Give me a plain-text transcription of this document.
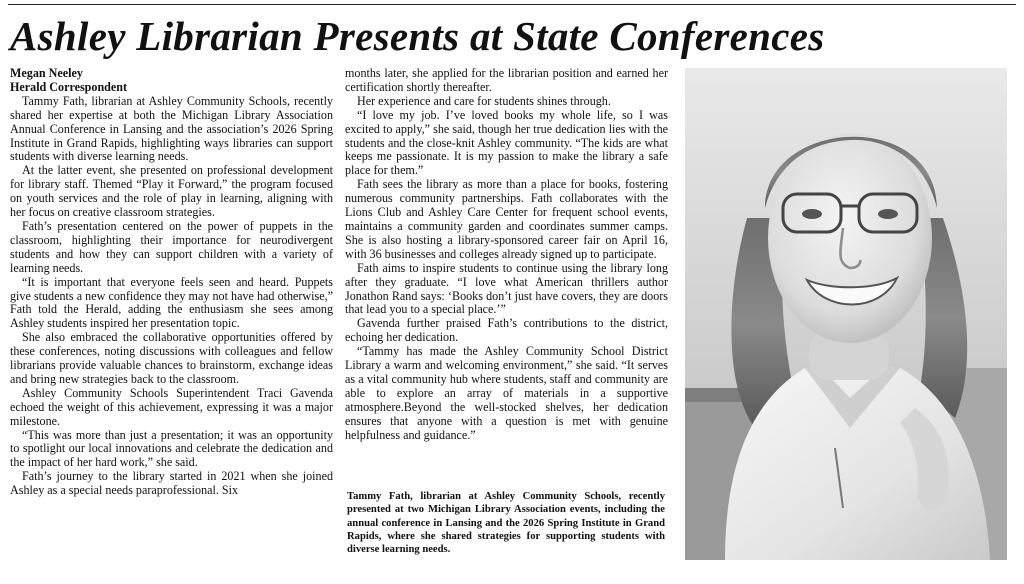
Ashley Librarian Presents at State Conferences
Megan Neeley
Herald Correspondent

Tammy Fath, librarian at Ashley Community Schools, recently shared her expertise at both the Michigan Library Association Annual Conference in Lansing and the association’s 2026 Spring Institute in Grand Rapids, highlighting ways libraries can support students with diverse learning needs.

At the latter event, she presented on professional development for library staff. Themed “Play it Forward,” the program focused on youth services and the role of play in learning, aligning with her focus on creative classroom strategies.

Fath’s presentation centered on the power of puppets in the classroom, highlighting their importance for neurodivergent students and how they can support children with a variety of learning needs.

“It is important that everyone feels seen and heard. Puppets give students a new confidence they may not have had otherwise,” Fath told the Herald, adding the enthusiasm she sees among Ashley students inspired her presentation topic.

She also embraced the collaborative opportunities offered by these conferences, noting discussions with colleagues and fellow librarians provide valuable chances to brainstorm, exchange ideas and bring new strategies back to the classroom.

Ashley Community Schools Superintendent Traci Gavenda echoed the weight of this achievement, expressing it was a major milestone.

“This was more than just a presentation; it was an opportunity to spotlight our local innovations and celebrate the dedication and the impact of her hard work,” she said.

Fath’s journey to the library started in 2021 when she joined Ashley as a special needs paraprofessional. Six

months later, she applied for the librarian position and earned her certification shortly thereafter.

Her experience and care for students shines through.

“I love my job. I’ve loved books my whole life, so I was excited to apply,” she said, though her true dedication lies with the students and the close-knit Ashley community. “The kids are what keeps me passionate. It is my passion to make the library a safe place for them.”

Fath sees the library as more than a place for books, fostering numerous community partnerships. Fath collaborates with the Lions Club and Ashley Care Center for frequent school events, maintains a community garden and coordinates summer camps. She is also hosting a library-sponsored career fair on April 16, with 36 businesses and colleges already signed up to participate.

Fath aims to inspire students to continue using the library long after they graduate. “I love what American thrillers author Jonathon Rand says: ‘Books don’t just have covers, they are doors that lead you to a special place.’”

Gavenda further praised Fath’s contributions to the district, echoing her dedication.

“Tammy has made the Ashley Community School District Library a warm and welcoming environment,” she said. “It serves as a vital community hub where students, staff and community are able to explore an array of materials in a supportive atmosphere.Beyond the well-stocked shelves, her dedication ensures that anyone with a question is met with genuine helpfulness and guidance.”

Tammy Fath, librarian at Ashley Community Schools, recently presented at two Michigan Library Association events, including the annual conference in Lansing and the 2026 Spring Institute in Grand Rapids, where she shared strategies for supporting students with diverse learning needs.
